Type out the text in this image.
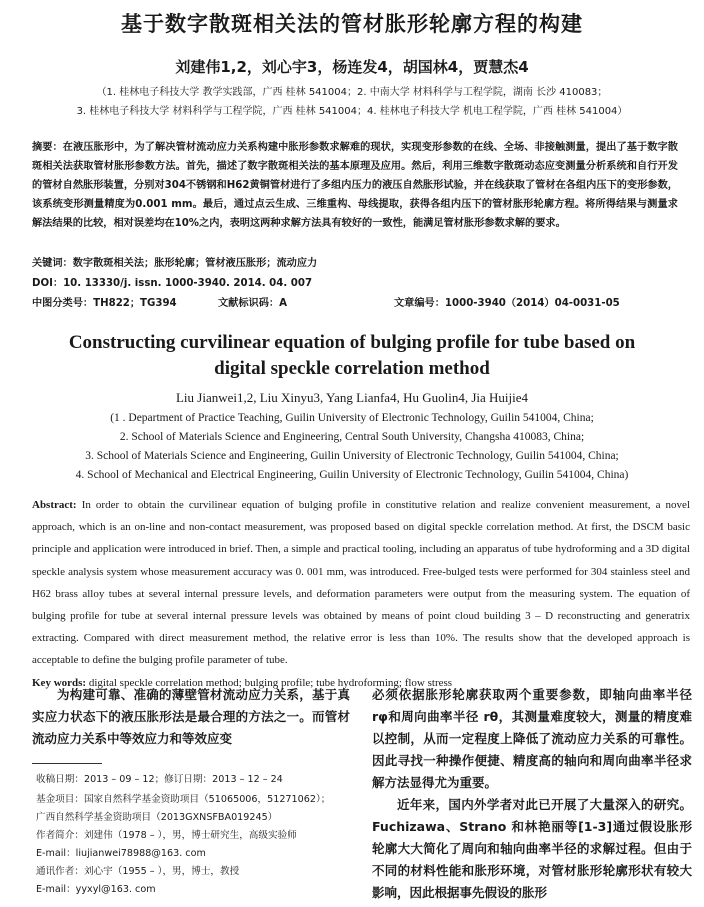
基于数字散斑相关法的管材胀形轮廓方程的构建
刘建伟1,2，刘心宇3，杨连发4，胡国林4，贾慧杰4
（1. 桂林电子科技大学 教学实践部，广西 桂林 541004；2. 中南大学 材料科学与工程学院，湖南 长沙 410083；
3. 桂林电子科技大学 材料科学与工程学院，广西 桂林 541004；4. 桂林电子科技大学 机电工程学院，广西 桂林 541004）
摘要：在液压胀形中，为了解决管材流动应力关系构建中胀形参数求解难的现状，实现变形参数的在线、全场、非接触测量，提出了基于数字散斑相关法获取管材胀形参数方法。首先，描述了数字散斑相关法的基本原理及应用。然后，利用三维数字散斑动态应变测量分析系统和自行开发的管材自然胀形装置，分别对304不锈钢和H62黄铜管材进行了多组内压力的液压自然胀形试验，并在线获取了管材在各组内压下的变形参数，该系统变形测量精度为0.001 mm。最后，通过点云生成、三维重构、母线提取，获得各组内压下的管材胀形轮廓方程。将所得结果与测量求解法结果的比较，相对误差均在10%之内，表明这两种求解方法具有较好的一致性，能满足管材胀形参数求解的要求。
关键词：数字散斑相关法；胀形轮廓；管材液压胀形；流动应力
DOI：10. 13330/j. issn. 1000-3940. 2014. 04. 007
中图分类号：TH822；TG394	文献标识码：A	文章编号：1000-3940（2014）04-0031-05
Constructing curvilinear equation of bulging profile for tube based on
digital speckle correlation method
Liu Jianwei1,2, Liu Xinyu3, Yang Lianfa4, Hu Guolin4, Jia Huijie4
(1 . Department of Practice Teaching, Guilin University of Electronic Technology, Guilin 541004, China;
2. School of Materials Science and Engineering, Central South University, Changsha 410083, China;
3. School of Materials Science and Engineering, Guilin University of Electronic Technology, Guilin 541004, China;
4. School of Mechanical and Electrical Engineering, Guilin University of Electronic Technology, Guilin 541004, China)
Abstract: In order to obtain the curvilinear equation of bulging profile in constitutive relation and realize convenient measurement, a novel approach, which is an on-line and non-contact measurement, was proposed based on digital speckle correlation method. At first, the DSCM basic principle and application were introduced in brief. Then, a simple and practical tooling, including an apparatus of tube hydroforming and a 3D digital speckle analysis system whose measurement accuracy was 0. 001 mm, was introduced. Free-bulged tests were performed for 304 stainless steel and H62 brass alloy tubes at several internal pressure levels, and deformation parameters were output from the measuring system. The equation of bulging profile for tube at several internal pressure levels was obtained by means of point cloud building 3 – D reconstructing and generatrix extracting. Compared with direct measurement method, the relative error is less than 10%. The results show that the developed approach is acceptable to define the bulging profile parameter of tube.
Key words: digital speckle correlation method; bulging profile; tube hydroforming; flow stress
为构建可靠、准确的薄壁管材流动应力关系，基于真实应力状态下的液压胀形法是最合理的方法之一。而管材流动应力关系中等效应力和等效应变
必须依据胀形轮廓获取两个重要参数，即轴向曲率半径 rφ和周向曲率半径 rθ，其测量难度较大，测量的精度难以控制，从而一定程度上降低了流动应力关系的可靠性。因此寻找一种操作便捷、精度高的轴向和周向曲率半径求解方法显得尤为重要。
近年来，国内外学者对此已开展了大量深入的研究。Fuchizawa、Strano 和林艳丽等[1-3]通过假设胀形轮廓大大简化了周向和轴向曲率半径的求解过程。但由于不同的材料性能和胀形环境，对管材胀形轮廓形状有较大影响，因此根据事先假设的胀形
收稿日期：2013 – 09 – 12；修订日期：2013 – 12 – 24
基金项目：国家自然科学基金资助项目（51065006，51271062）；
广西自然科学基金资助项目（2013GXNSFBA019245）
作者简介：刘建伟（1978 – ），男，博士研究生，高级实验师
E-mail：liujianwei78988@163. com
通讯作者：刘心宇（1955 – ），男，博士，教授
E-mail：yyxyl@163. com
